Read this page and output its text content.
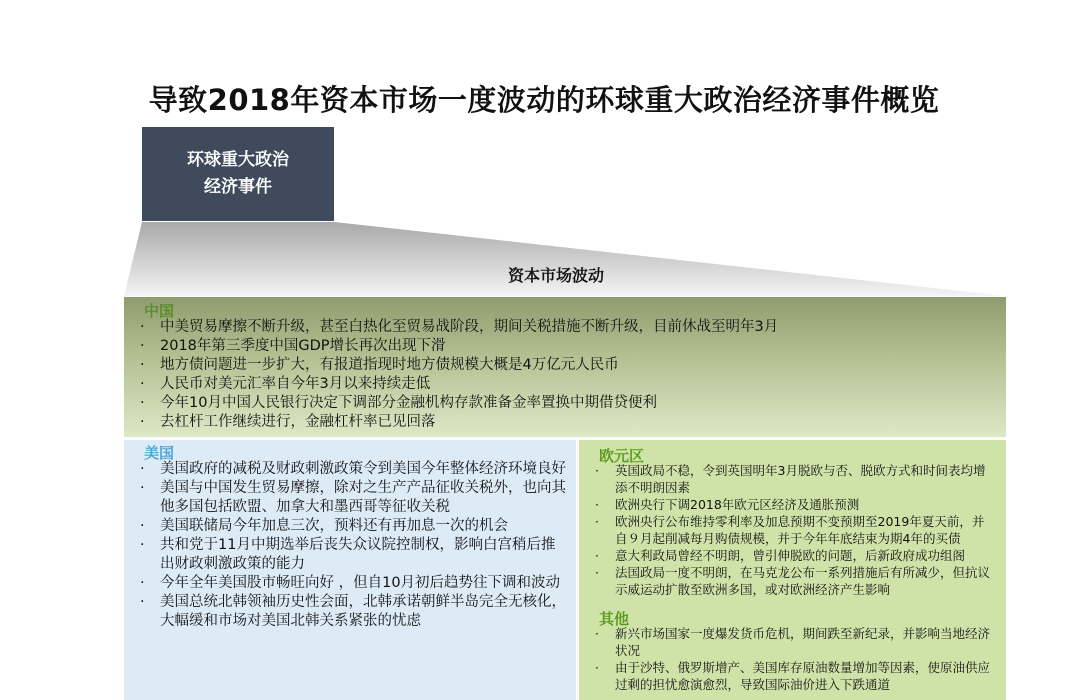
导致2018年资本市场一度波动的环球重大政治经济事件概览
环球重大政治
经济事件
资本市场波动
中国
· 中美贸易摩擦不断升级，甚至白热化至贸易战阶段，期间关税措施不断升级，目前休战至明年3月
· 2018年第三季度中国GDP增长再次出现下滑
· 地方债问题进一步扩大，有报道指现时地方债规模大概是4万亿元人民币
· 人民币对美元汇率自今年3月以来持续走低
· 今年10月中国人民银行决定下调部分金融机构存款准备金率置换中期借贷便利
· 去杠杆工作继续进行，金融杠杆率已见回落
美国
· 美国政府的减税及财政刺激政策令到美国今年整体经济环境良好
· 美国与中国发生贸易摩擦，除对之生产产品征收关税外，也向其他多国包括欧盟、加拿大和墨西哥等征收关税
· 美国联储局今年加息三次，预料还有再加息一次的机会
· 共和党于11月中期选举后丧失众议院控制权，影响白宫稍后推出财政刺激政策的能力
· 今年全年美国股市畅旺向好 ，但自10月初后趋势往下调和波动
· 美国总统北韩领袖历史性会面，北韩承诺朝鲜半岛完全无核化，大幅缓和市场对美国北韩关系紧张的忧虑
欧元区
· 英国政局不稳，令到英国明年3月脱欧与否、脱欧方式和时间表均增添不明朗因素
· 欧洲央行下调2018年欧元区经济及通胀预测
· 欧洲央行公布维持零利率及加息预期不变预期至2019年夏天前，并自９月起削减每月购债规模，并于今年年底结束为期4年的买债
· 意大利政局曾经不明朗，曾引伸脱欧的问题，后新政府成功组阁
· 法国政局一度不明朗，在马克龙公布一系列措施后有所减少，但抗议示威运动扩散至欧洲多国，或对欧洲经济产生影响
其他
· 新兴市场国家一度爆发货币危机，期间跌至新纪录，并影响当地经济状况
· 由于沙特、俄罗斯增产、美国库存原油数量增加等因素，使原油供应过剩的担忧愈演愈烈，导致国际油价进入下跌通道
